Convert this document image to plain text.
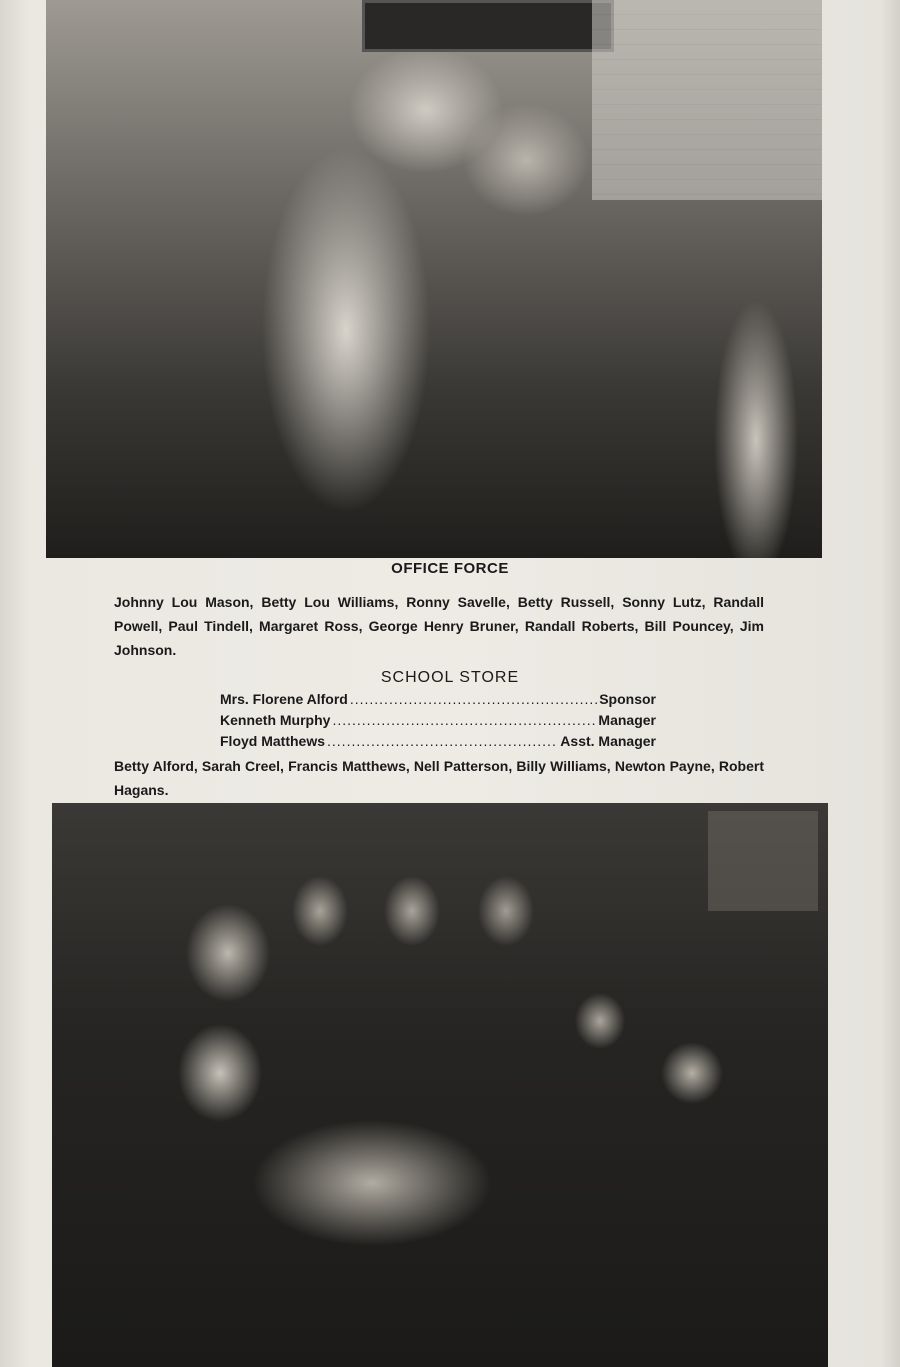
OFFICE FORCE
Johnny Lou Mason, Betty Lou Williams, Ronny Savelle, Betty Russell, Sonny Lutz, Randall Powell, Paul Tindell, Margaret Ross, George Henry Bruner, Randall Roberts, Bill Pouncey, Jim Johnson.
SCHOOL STORE
Mrs. Florene Alford .....	Sponsor
Kenneth Murphy .....	Manager
Floyd Matthews .....	Asst. Manager
Betty Alford, Sarah Creel, Francis Matthews, Nell Patterson, Billy Williams, Newton Payne, Robert Hagans.
